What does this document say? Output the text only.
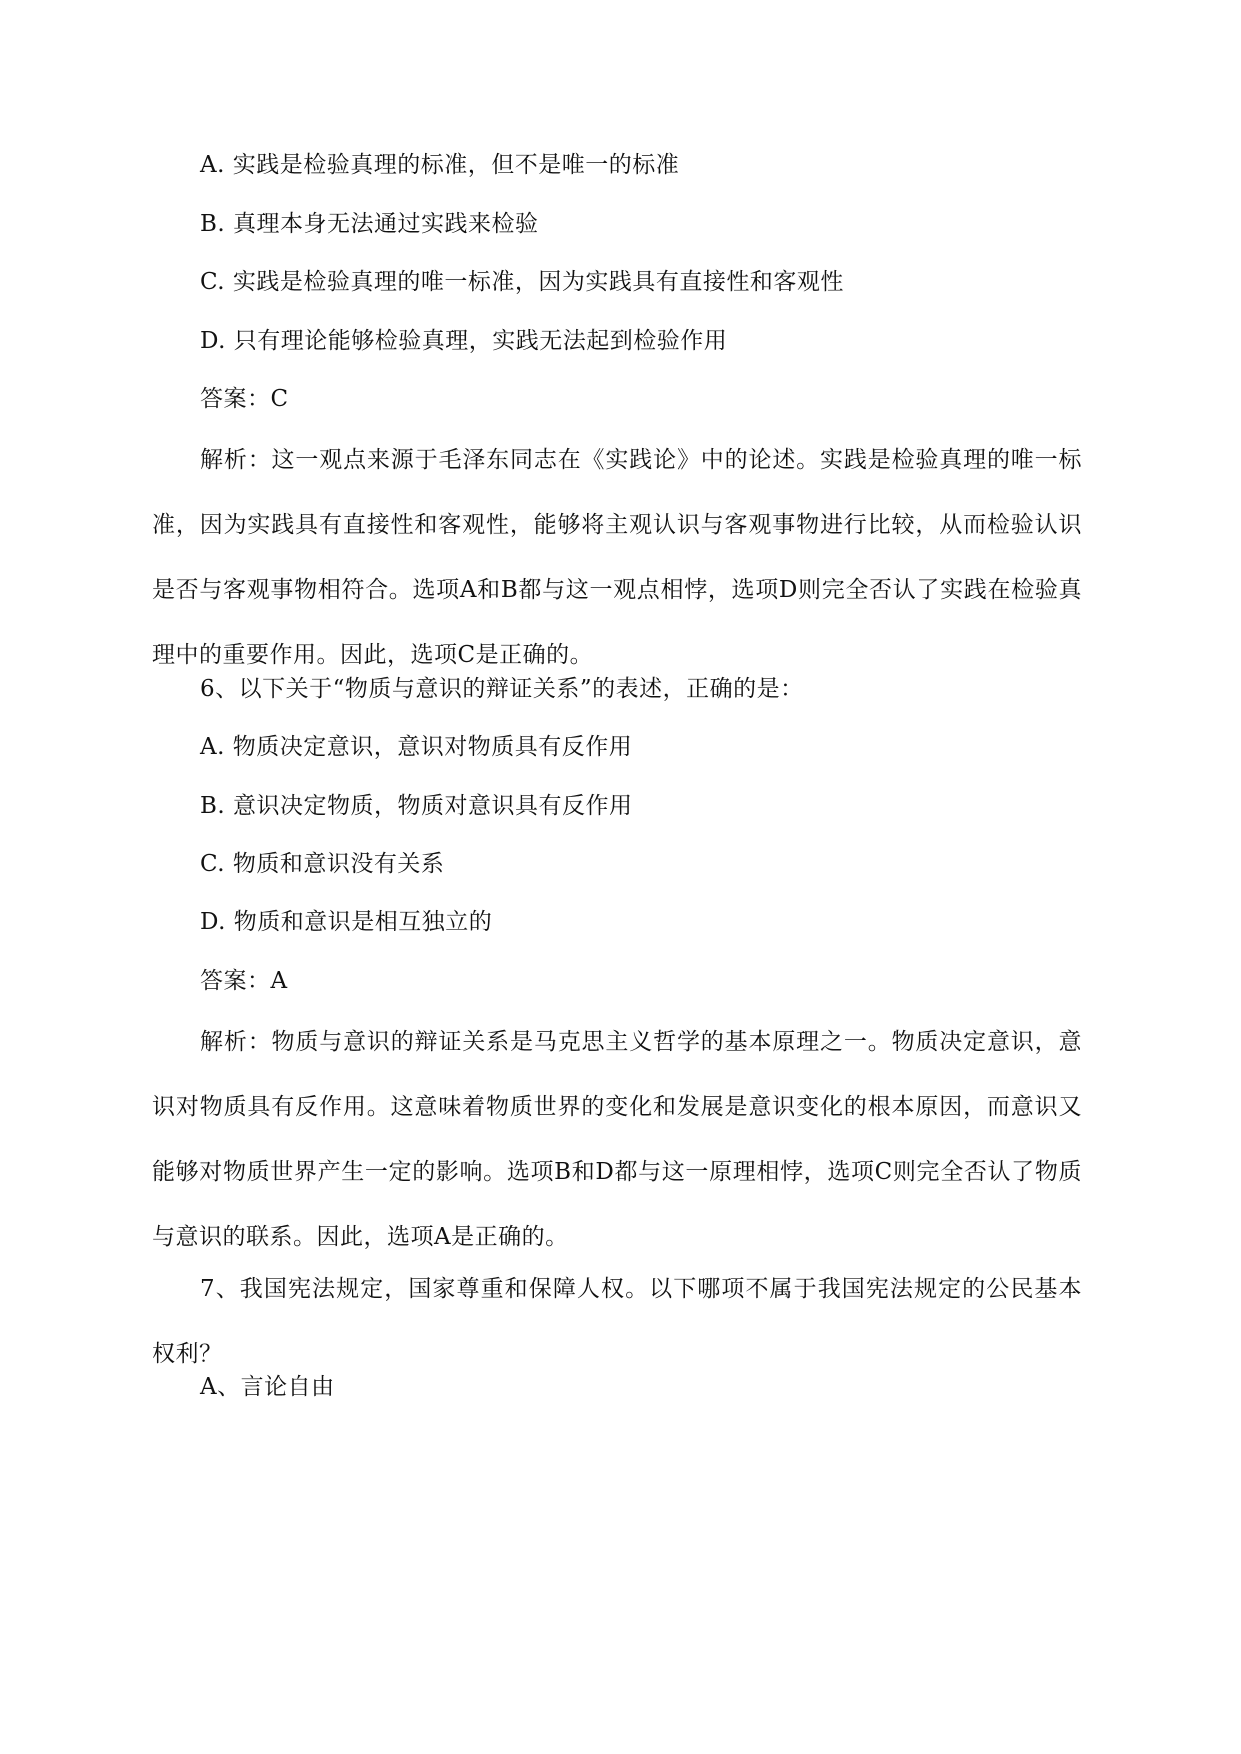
A. 实践是检验真理的标准，但不是唯一的标准
B. 真理本身无法通过实践来检验
C. 实践是检验真理的唯一标准，因为实践具有直接性和客观性
D. 只有理论能够检验真理，实践无法起到检验作用
答案：C
解析：这一观点来源于毛泽东同志在《实践论》中的论述。实践是检验真理的唯一标准，因为实践具有直接性和客观性，能够将主观认识与客观事物进行比较，从而检验认识是否与客观事物相符合。选项A和B都与这一观点相悖，选项D则完全否认了实践在检验真理中的重要作用。因此，选项C是正确的。
6、以下关于“物质与意识的辩证关系”的表述，正确的是：
A. 物质决定意识，意识对物质具有反作用
B. 意识决定物质，物质对意识具有反作用
C. 物质和意识没有关系
D. 物质和意识是相互独立的
答案：A
解析：物质与意识的辩证关系是马克思主义哲学的基本原理之一。物质决定意识，意识对物质具有反作用。这意味着物质世界的变化和发展是意识变化的根本原因，而意识又能够对物质世界产生一定的影响。选项B和D都与这一原理相悖，选项C则完全否认了物质与意识的联系。因此，选项A是正确的。
7、我国宪法规定，国家尊重和保障人权。以下哪项不属于我国宪法规定的公民基本权利？
A、言论自由
